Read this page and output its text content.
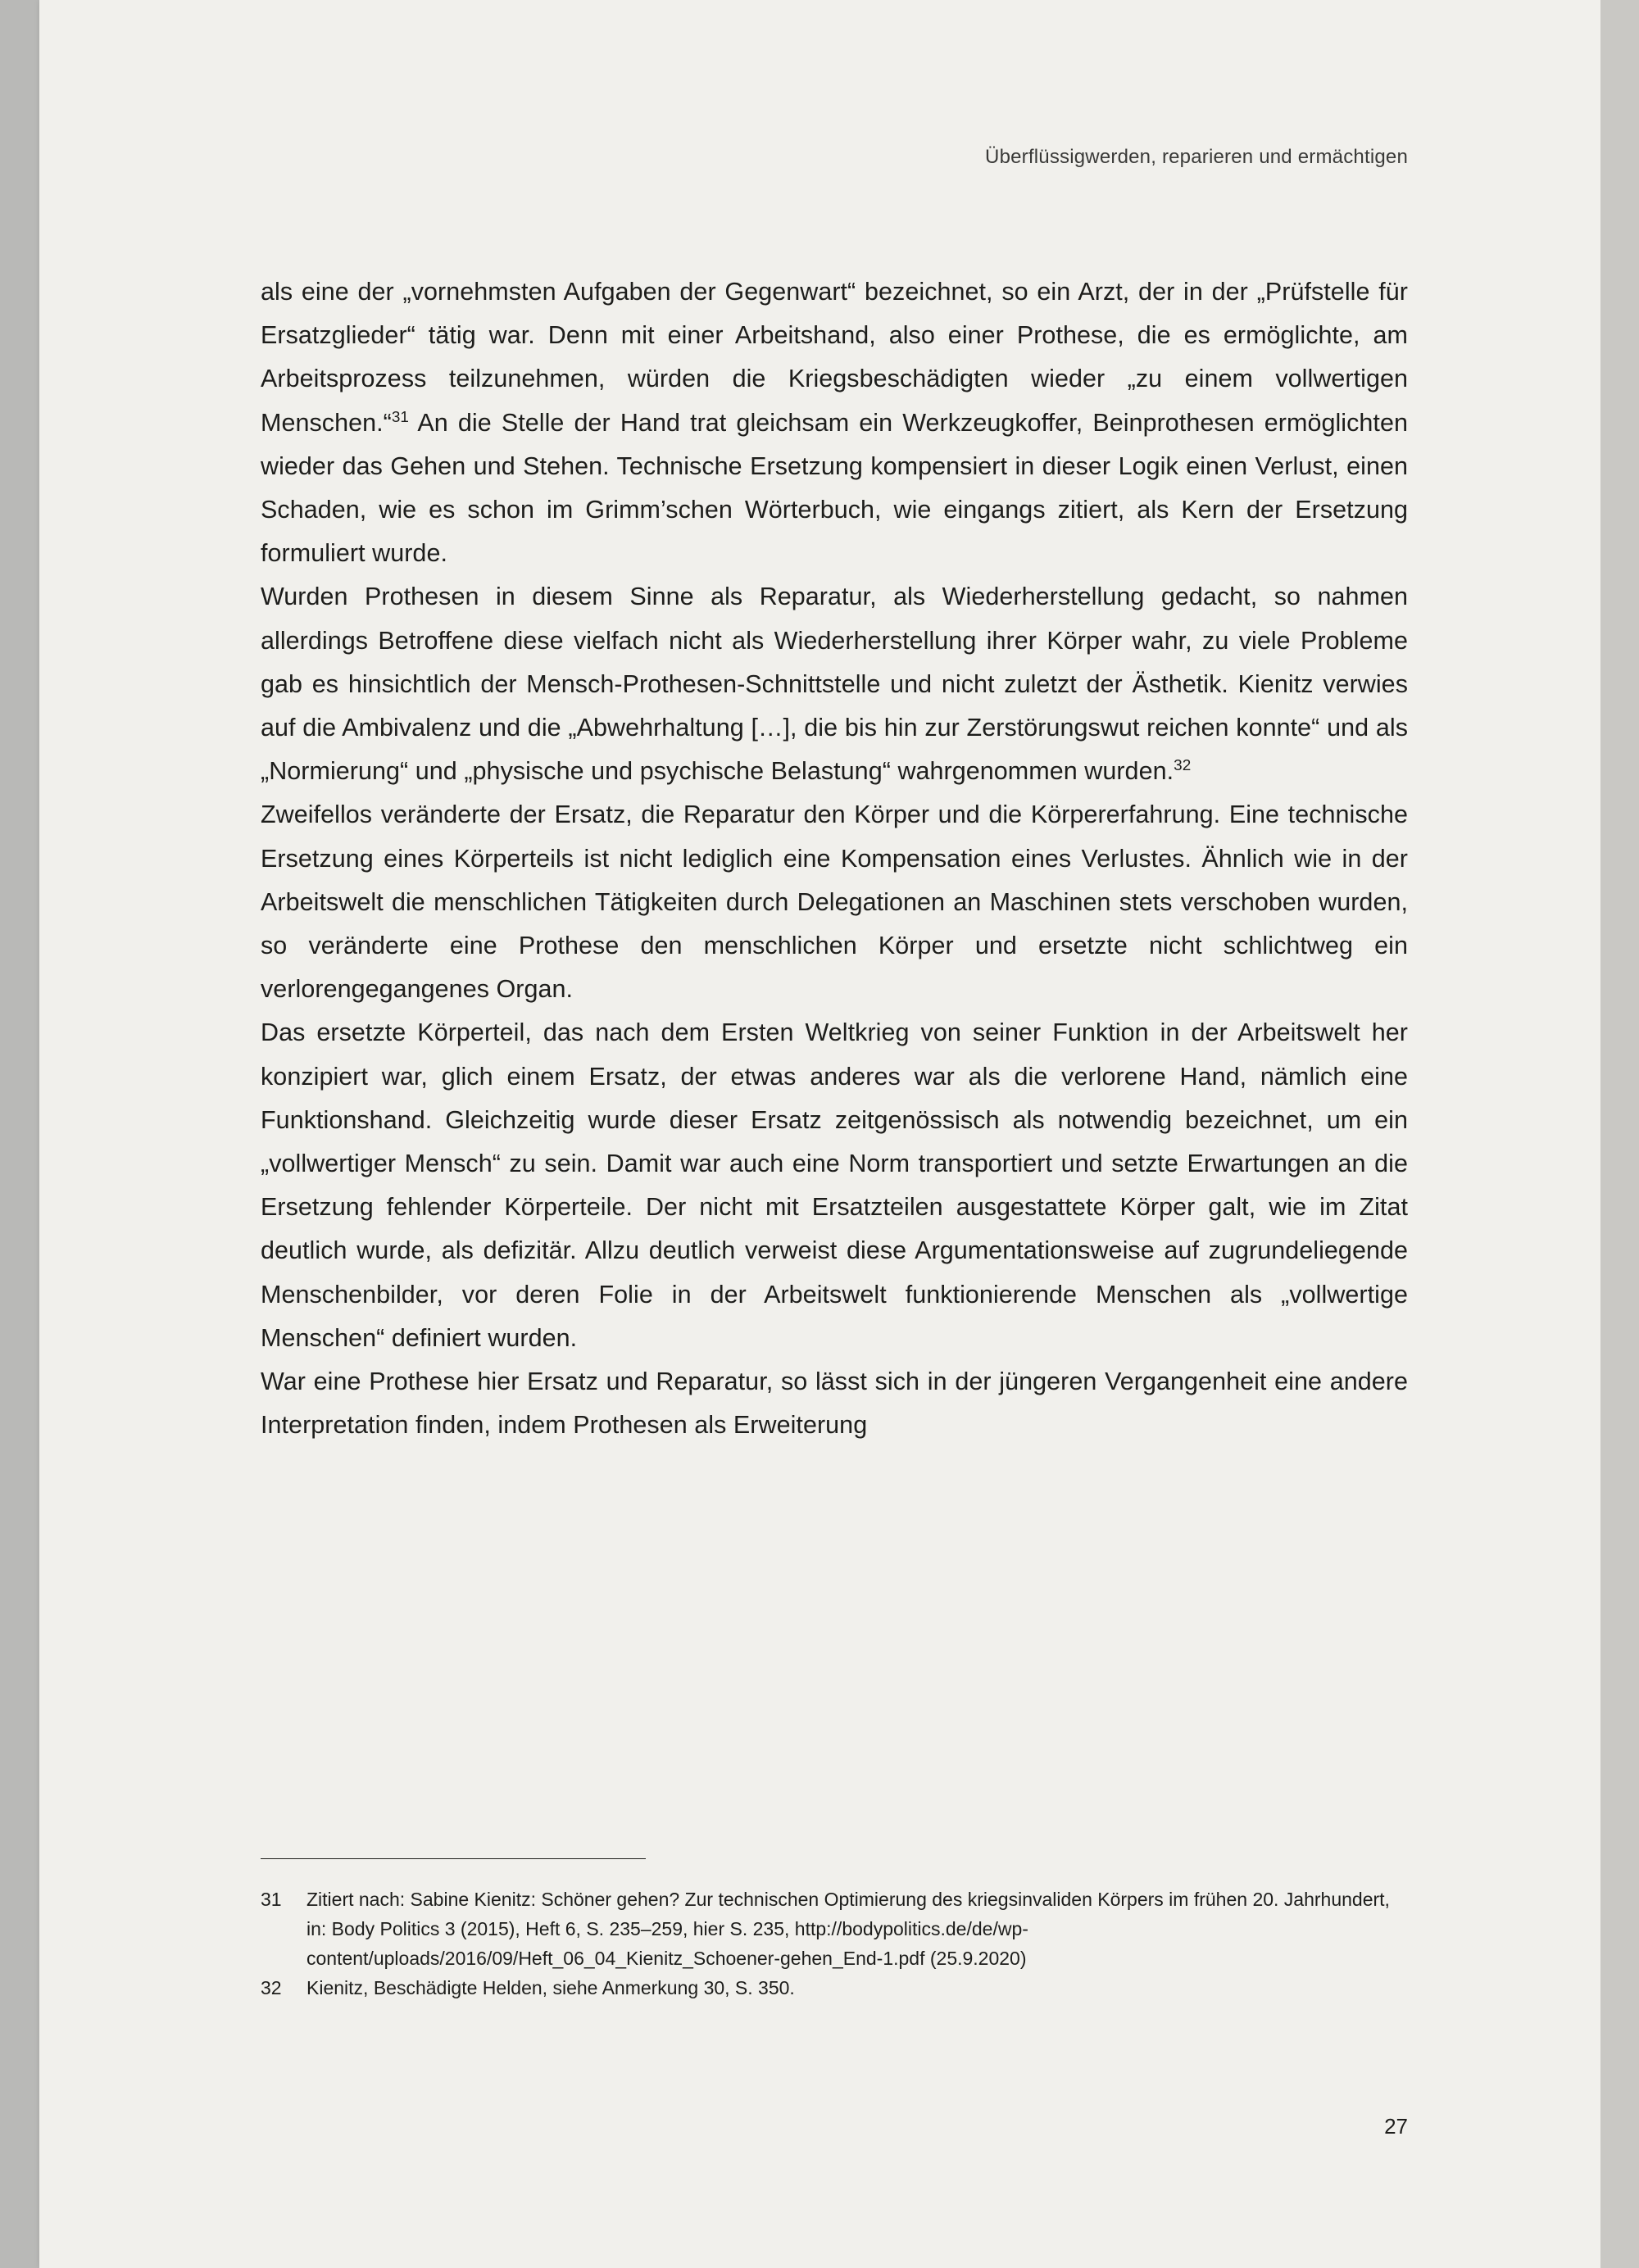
Überflüssigwerden, reparieren und ermächtigen

als eine der „vornehmsten Aufgaben der Gegenwart“ bezeichnet, so ein Arzt, der in der „Prüfstelle für Ersatzglieder“ tätig war. Denn mit einer Arbeitshand, also einer Prothese, die es ermöglichte, am Arbeitsprozess teilzunehmen, würden die Kriegsbeschädigten wieder „zu einem vollwertigen Menschen.“$^{31}$ An die Stelle der Hand trat gleichsam ein Werkzeugkoffer, Beinprothesen ermöglichten wieder das Gehen und Stehen. Technische Ersetzung kompensiert in dieser Logik einen Verlust, einen Schaden, wie es schon im Grimm’schen Wörterbuch, wie eingangs zitiert, als Kern der Ersetzung formuliert wurde.

Wurden Prothesen in diesem Sinne als Reparatur, als Wiederherstellung gedacht, so nahmen allerdings Betroffene diese vielfach nicht als Wiederherstellung ihrer Körper wahr, zu viele Probleme gab es hinsichtlich der Mensch-Prothesen-Schnittstelle und nicht zuletzt der Ästhetik. Kienitz verwies auf die Ambivalenz und die „Abwehrhaltung […], die bis hin zur Zerstörungswut reichen konnte“ und als „Normierung“ und „physische und psychische Belastung“ wahrgenommen wurden.$^{32}$

Zweifellos veränderte der Ersatz, die Reparatur den Körper und die Körpererfahrung. Eine technische Ersetzung eines Körperteils ist nicht lediglich eine Kompensation eines Verlustes. Ähnlich wie in der Arbeitswelt die menschlichen Tätigkeiten durch Delegationen an Maschinen stets verschoben wurden, so veränderte eine Prothese den menschlichen Körper und ersetzte nicht schlichtweg ein verlorengegangenes Organ.

Das ersetzte Körperteil, das nach dem Ersten Weltkrieg von seiner Funktion in der Arbeitswelt her konzipiert war, glich einem Ersatz, der etwas anderes war als die verlorene Hand, nämlich eine Funktionshand. Gleichzeitig wurde dieser Ersatz zeitgenössisch als notwendig bezeichnet, um ein „vollwertiger Mensch“ zu sein. Damit war auch eine Norm transportiert und setzte Erwartungen an die Ersetzung fehlender Körperteile. Der nicht mit Ersatzteilen ausgestattete Körper galt, wie im Zitat deutlich wurde, als defizitär. Allzu deutlich verweist diese Argumentationsweise auf zugrundeliegende Menschenbilder, vor deren Folie in der Arbeitswelt funktionierende Menschen als „vollwertige Menschen“ definiert wurden.

War eine Prothese hier Ersatz und Reparatur, so lässt sich in der jüngeren Vergangenheit eine andere Interpretation finden, indem Prothesen als Erweiterung

31 Zitiert nach: Sabine Kienitz: Schöner gehen? Zur technischen Optimierung des kriegsinvaliden Körpers im frühen 20. Jahrhundert, in: Body Politics 3 (2015), Heft 6, S. 235–259, hier S. 235, http://bodypolitics.de/de/wp-content/uploads/2016/09/Heft_06_04_Kienitz_Schoener-gehen_End-1.pdf (25.9.2020)
32 Kienitz, Beschädigte Helden, siehe Anmerkung 30, S. 350.
27
